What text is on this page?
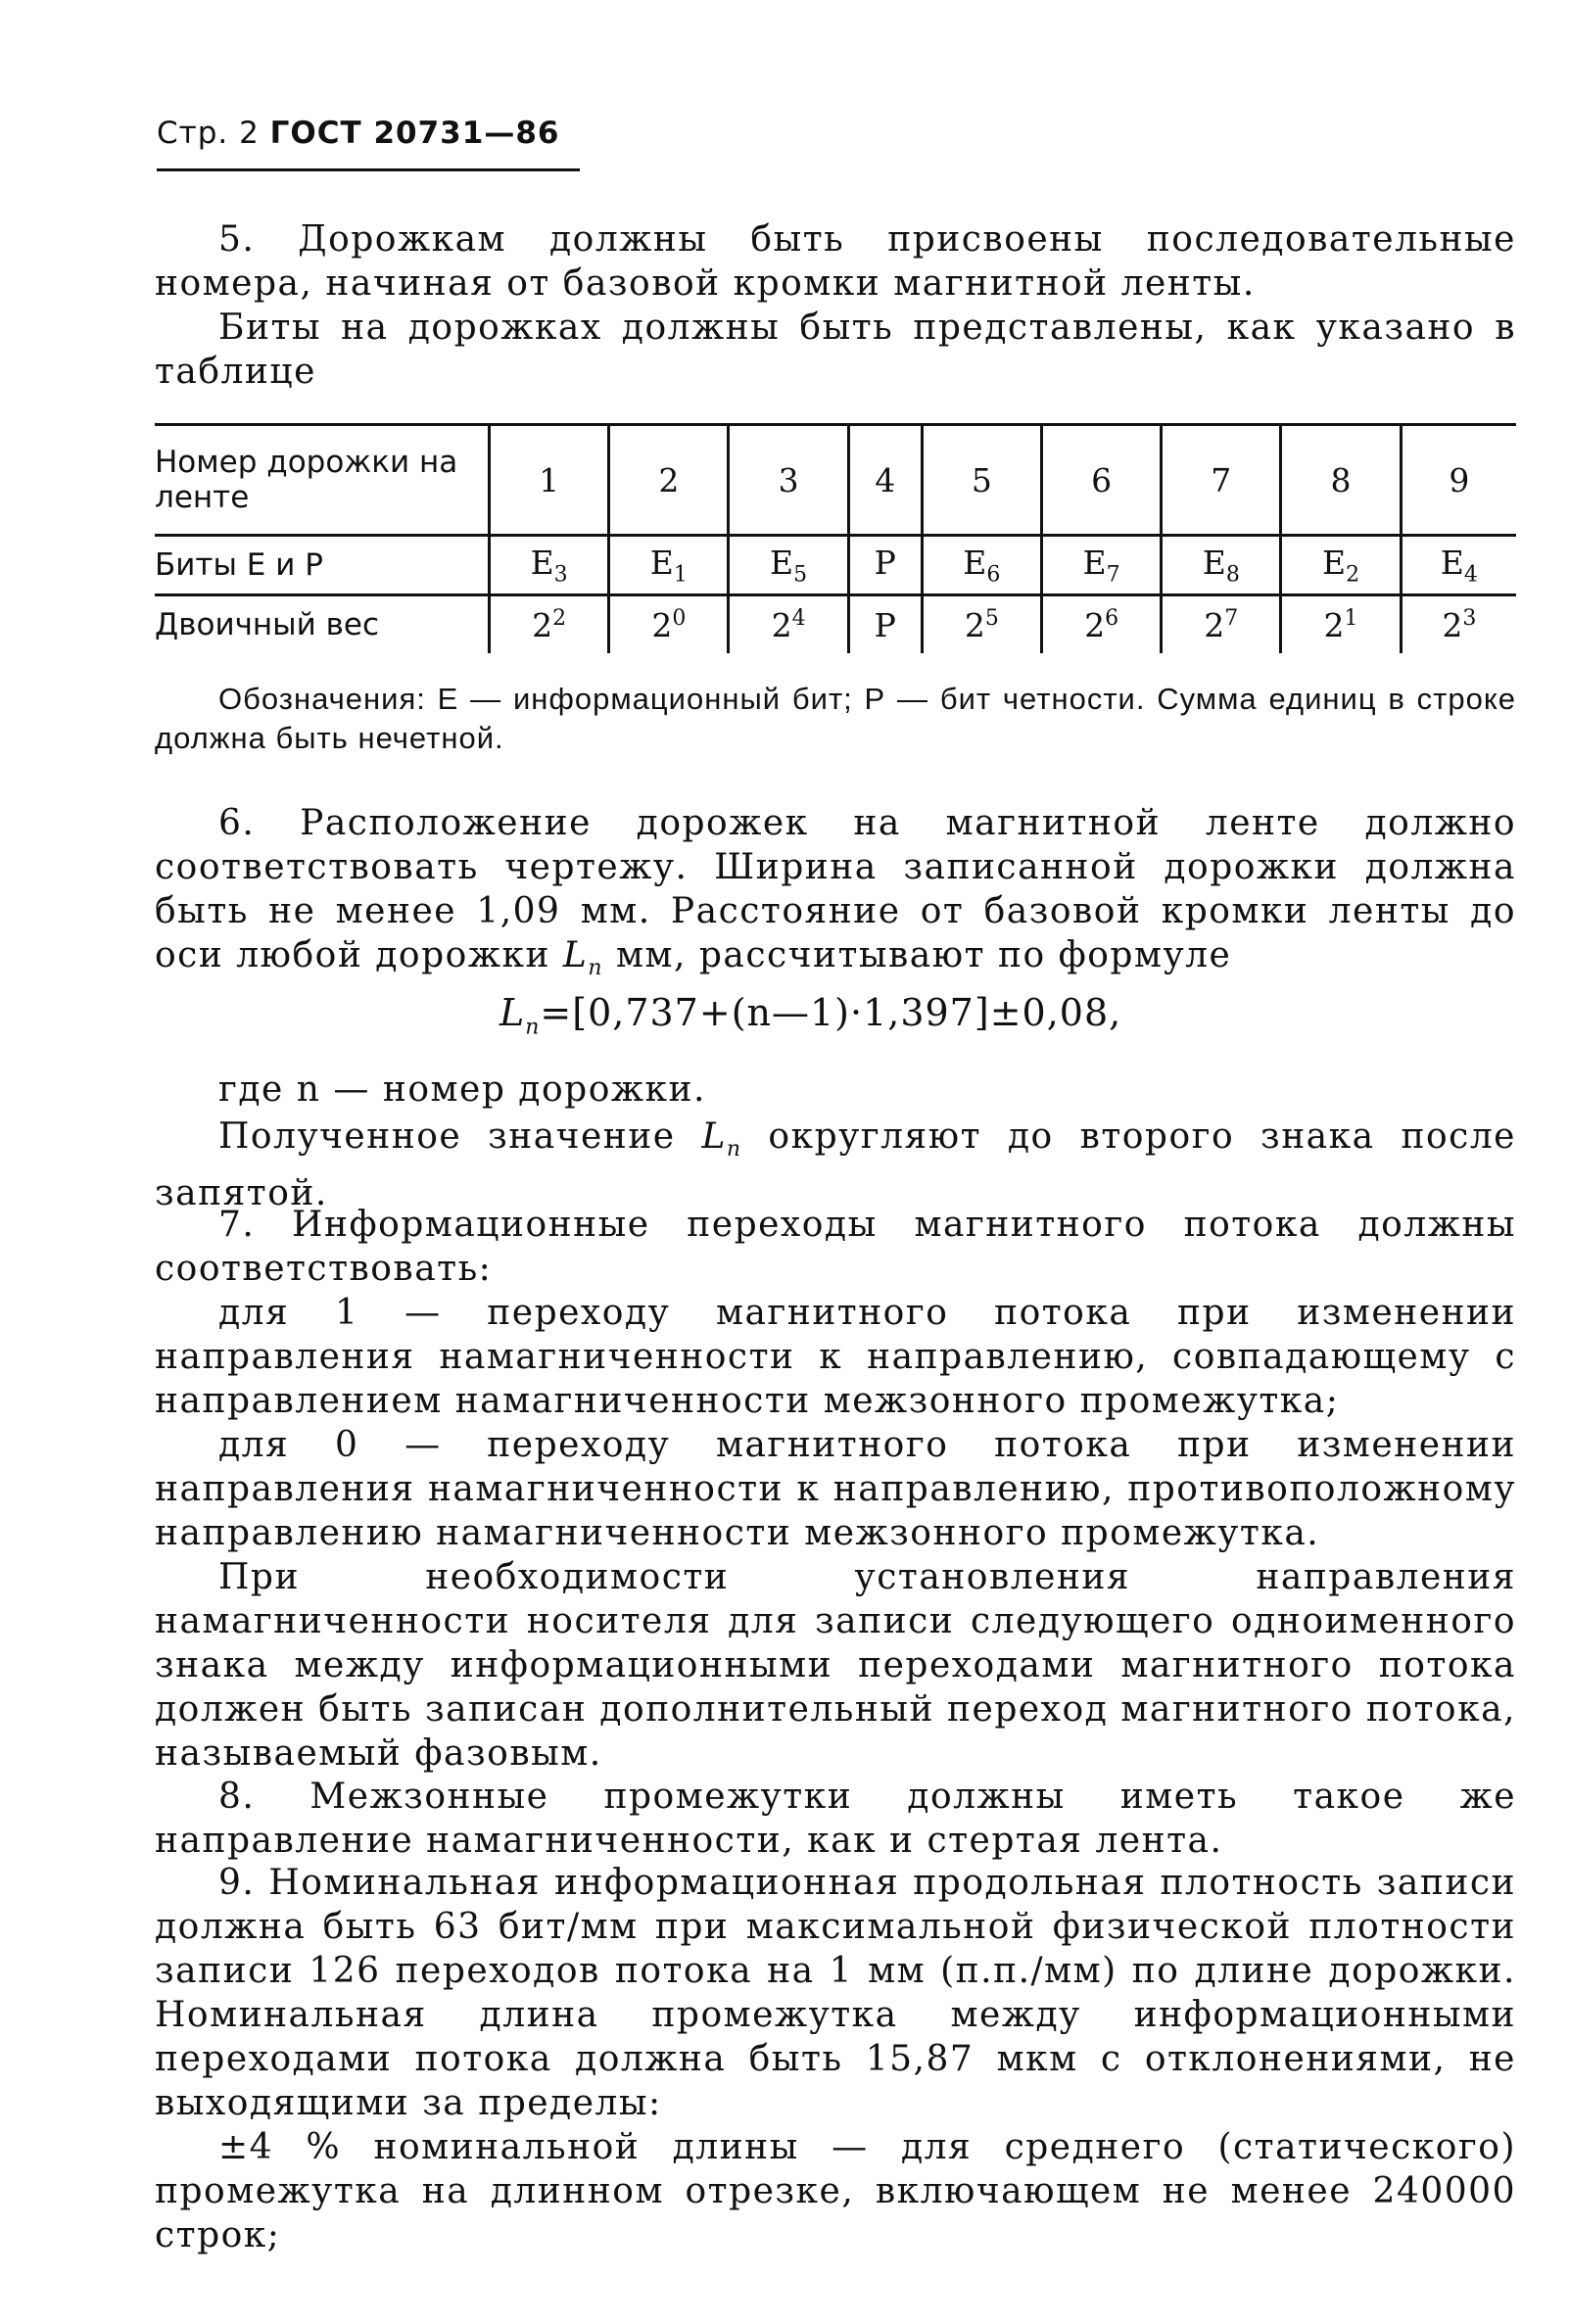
Стр. 2 ГОСТ 20731—86

5. Дорожкам должны быть присвоены последовательные номера, начиная от базовой кромки магнитной ленты.

Биты на дорожках должны быть представлены, как указано в таблице

Номер дорожки на ленте	1	2	3	4	5	6	7	8	9
Биты Е и Р	$E_3$	$E_1$	$E_5$	P	$E_6$	$E_7$	$E_8$	$E_2$	$E_4$
Двоичный вес	$2^2$	$2^0$	$2^4$	P	$2^5$	$2^6$	$2^7$	$2^1$	$2^3$

Обозначения: Е — информационный бит; Р — бит четности. Сумма единиц в строке должна быть нечетной.

6. Расположение дорожек на магнитной ленте должно соответствовать чертежу. Ширина записанной дорожки должна быть не менее 1,09 мм. Расстояние от базовой кромки ленты до оси любой дорожки $L_n$ мм, рассчитывают по формуле

$L_n=[0,737+(n—1)\cdot 1,397]\pm 0,08$,

где n — номер дорожки.

Полученное значение $L_n$ округляют до второго знака после запятой.

7. Информационные переходы магнитного потока должны соответствовать:

для 1 — переходу магнитного потока при изменении направления намагниченности к направлению, совпадающему с направлением намагниченности межзонного промежутка;

для 0 — переходу магнитного потока при изменении направления намагниченности к направлению, противоположному направлению намагниченности межзонного промежутка.

При необходимости установления направления намагниченности носителя для записи следующего одноименного знака между информационными переходами магнитного потока должен быть записан дополнительный переход магнитного потока, называемый фазовым.

8. Межзонные промежутки должны иметь такое же направление намагниченности, как и стертая лента.

9. Номинальная информационная продольная плотность записи должна быть 63 бит/мм при максимальной физической плотности записи 126 переходов потока на 1 мм (п.п./мм) по длине дорожки. Номинальная длина промежутка между информационными переходами потока должна быть 15,87 мкм с отклонениями, не выходящими за пределы:

±4 % номинальной длины — для среднего (статического) промежутка на длинном отрезке, включающем не менее 240000 строк;
